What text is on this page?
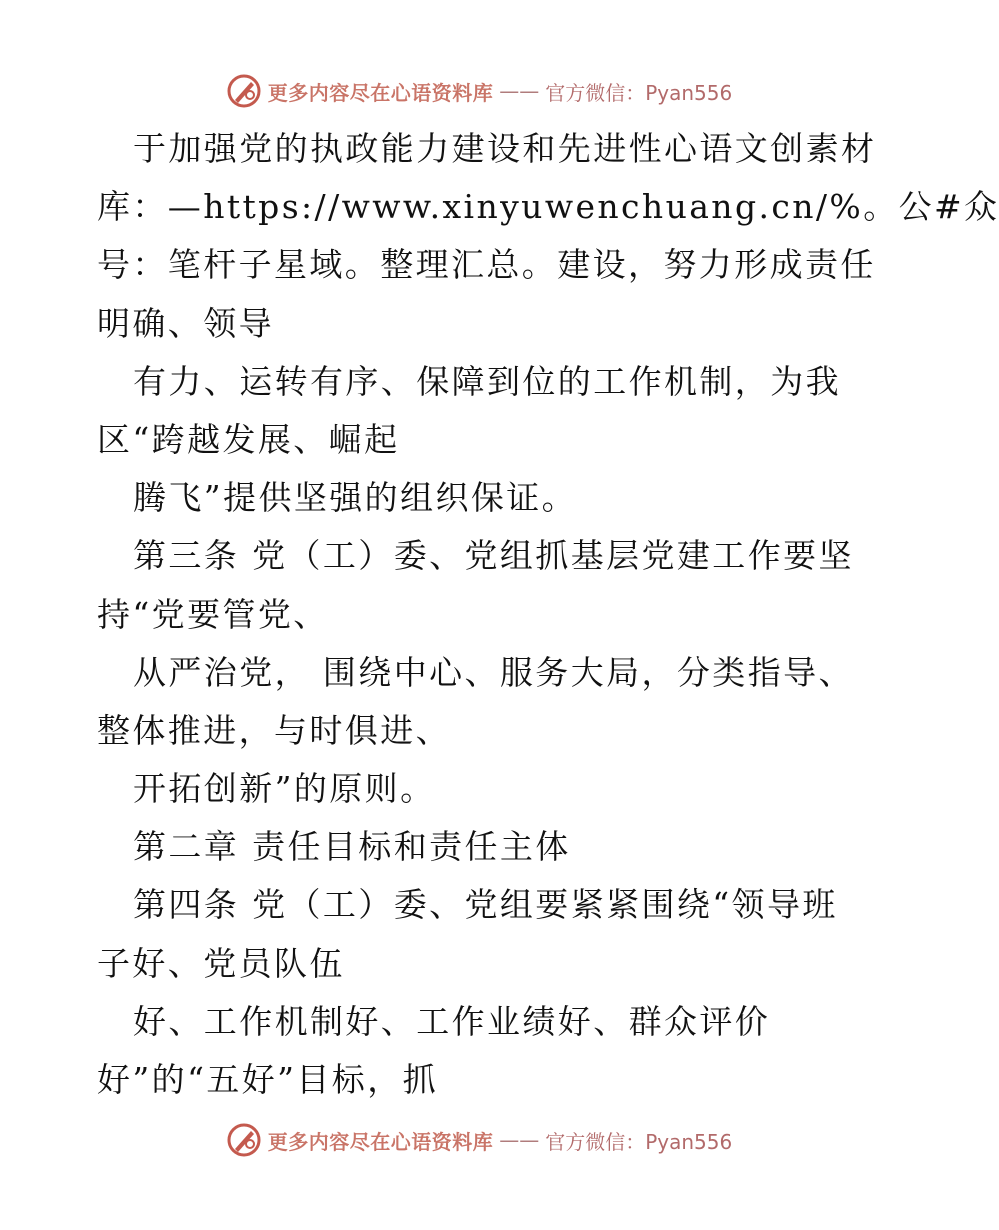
更多内容尽在心语资料库 —— 官方微信：Pyan556
于加强党的执政能力建设和先进性心语文创素材
库：—https://www.xinyuwenchuang.cn/%。公#众
号：笔杆子星域。整理汇总。建设，努力形成责任
明确、领导
有力、运转有序、保障到位的工作机制，为我
区“跨越发展、崛起
腾飞”提供坚强的组织保证。
第三条 党（工）委、党组抓基层党建工作要坚
持“党要管党、
从严治党， 围绕中心、服务大局，分类指导、
整体推进，与时俱进、
开拓创新”的原则。
第二章 责任目标和责任主体
第四条 党（工）委、党组要紧紧围绕“领导班
子好、党员队伍
好、工作机制好、工作业绩好、群众评价
好”的“五好”目标，抓
更多内容尽在心语资料库 —— 官方微信：Pyan556
